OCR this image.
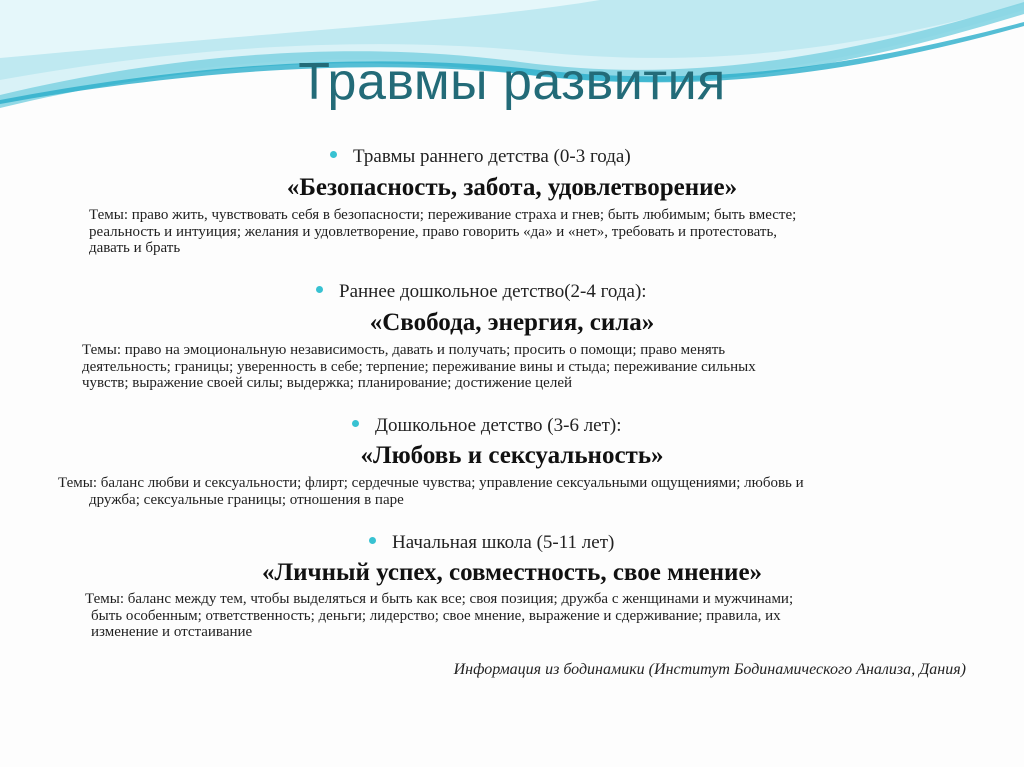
Травмы развития
Травмы раннего детства (0-3 года)
«Безопасность, забота, удовлетворение»

Темы: право жить, чувствовать себя в безопасности; переживание страха и гнев; быть любимым; быть вместе;
реальность и интуиция; желания и удовлетворение, право говорить «да» и «нет», требовать и протестовать,
давать и брать

Раннее дошкольное детство(2-4 года):
«Свобода, энергия, сила»

Темы: право на эмоциональную независимость, давать и получать; просить о помощи; право менять
деятельность; границы; уверенность в себе; терпение; переживание вины и стыда; переживание сильных
чувств; выражение своей силы; выдержка; планирование; достижение целей

Дошкольное детство (3-6 лет):
«Любовь и сексуальность»

Темы: баланс любви и сексуальности; флирт; сердечные чувства; управление сексуальными ощущениями; любовь и
дружба; сексуальные границы; отношения в паре

Начальная школа (5-11 лет)
«Личный успех, совместность, свое мнение»

Темы: баланс между тем, чтобы выделяться и быть как все; своя позиция; дружба с женщинами и мужчинами;
быть особенным; ответственность; деньги; лидерство; свое мнение, выражение и сдерживание; правила, их
изменение и отстаивание

Информация из бодинамики (Институт Бодинамического Анализа, Дания)
